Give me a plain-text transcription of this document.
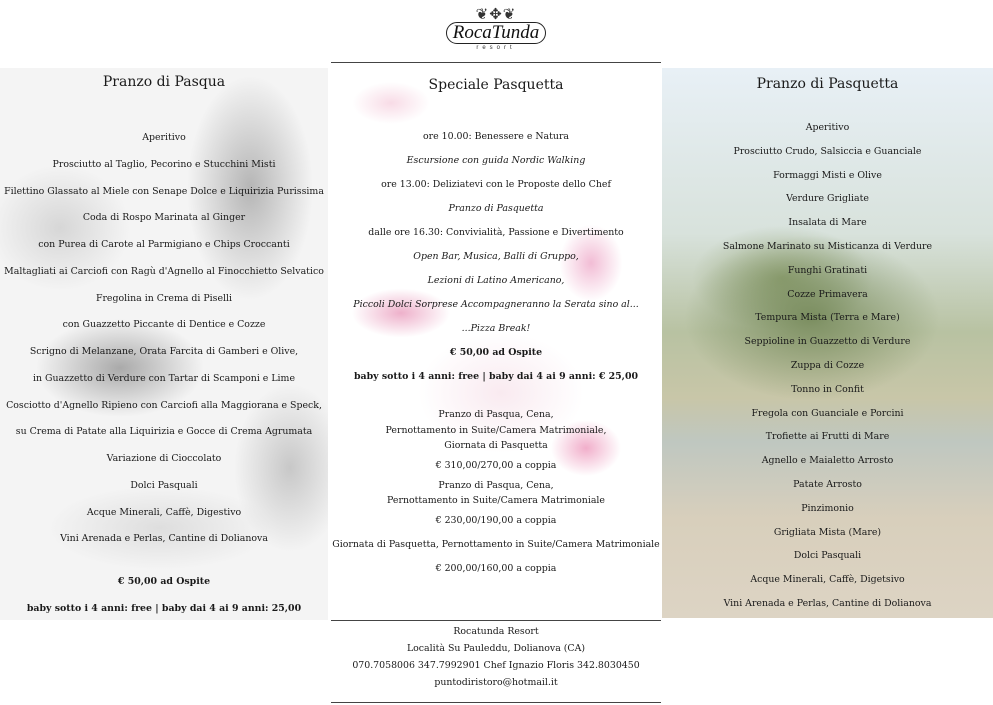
❦✥❦
RocaTunda
resort
Pranzo di Pasqua
Aperitivo
Prosciutto al Taglio, Pecorino e Stucchini Misti
Filettino Glassato al Miele con Senape Dolce e Liquirizia Purissima
Coda di Rospo Marinata al Ginger
con Purea di Carote al Parmigiano e Chips Croccanti
Maltagliati ai Carciofi con Ragù d'Agnello al Finocchietto Selvatico
Fregolina in Crema di Piselli
con Guazzetto Piccante di Dentice e Cozze
Scrigno di Melanzane, Orata Farcita di Gamberi e Olive,
in Guazzetto di Verdure con Tartar di Scamponi e Lime
Cosciotto d'Agnello Ripieno con Carciofi alla Maggiorana e Speck,
su Crema di Patate alla Liquirizia e Gocce di Crema Agrumata
Variazione di Cioccolato
Dolci Pasquali
Acque Minerali, Caffè, Digestivo
Vini Arenada e Perlas, Cantine di Dolianova
€ 50,00 ad Ospite
baby sotto i 4 anni: free | baby dai 4 ai 9 anni: 25,00
Speciale Pasquetta
ore 10.00: Benessere e Natura
Escursione con guida Nordic Walking
ore 13.00: Deliziatevi con le Proposte dello Chef
Pranzo di Pasquetta
dalle ore 16.30: Convivialità, Passione e Divertimento
Open Bar, Musica, Balli di Gruppo,
Lezioni di Latino Americano,
Piccoli Dolci Sorprese Accompagneranno la Serata sino al...
...Pizza Break!
€ 50,00 ad Ospite
baby sotto i 4 anni: free | baby dai 4 ai 9 anni: € 25,00
Pranzo di Pasqua, Cena,
Pernottamento in Suite/Camera Matrimoniale,
Giornata di Pasquetta
€ 310,00/270,00 a coppia
Pranzo di Pasqua, Cena,
Pernottamento in Suite/Camera Matrimoniale
€ 230,00/190,00 a coppia
Giornata di Pasquetta, Pernottamento in Suite/Camera Matrimoniale
€ 200,00/160,00 a coppia
Pranzo di Pasquetta
Aperitivo
Prosciutto Crudo, Salsiccia e Guanciale
Formaggi Misti e Olive
Verdure Grigliate
Insalata di Mare
Salmone Marinato su Misticanza di Verdure
Funghi Gratinati
Cozze Primavera
Tempura Mista (Terra e Mare)
Seppioline in Guazzetto di Verdure
Zuppa di Cozze
Tonno in Confit
Fregola con Guanciale e Porcini
Trofiette ai Frutti di Mare
Agnello e Maialetto Arrosto
Patate Arrosto
Pinzimonio
Grigliata Mista (Mare)
Dolci Pasquali
Acque Minerali, Caffè, Digetsivo
Vini Arenada e Perlas, Cantine di Dolianova
Rocatunda Resort
Località Su Pauleddu, Dolianova (CA)
070.7058006 347.7992901 Chef Ignazio Floris 342.8030450
puntodiristoro@hotmail.it
